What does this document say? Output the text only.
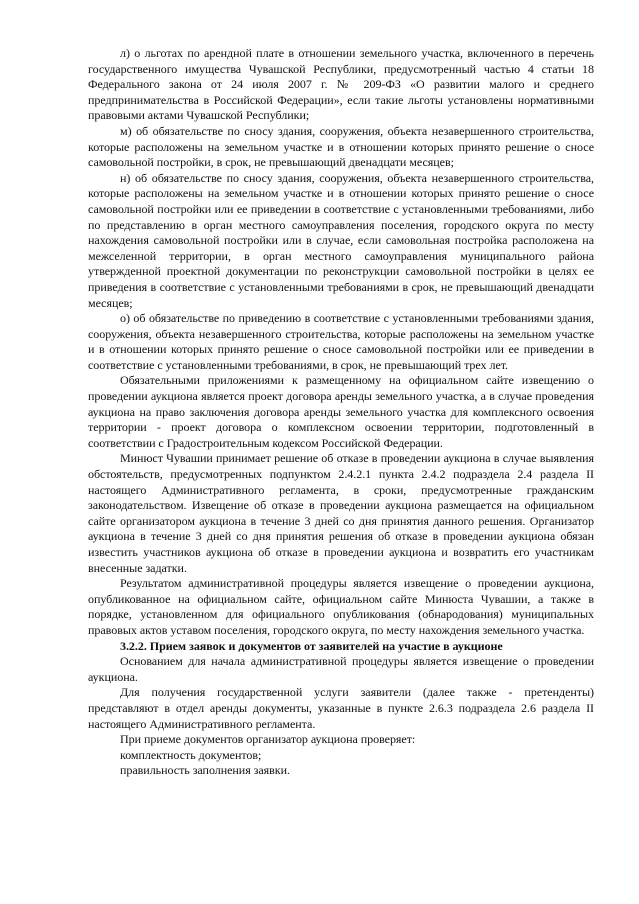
л) о льготах по арендной плате в отношении земельного участка, включенного в перечень государственного имущества Чувашской Республики, предусмотренный частью 4 статьи 18 Федерального закона от 24 июля 2007 г. № 209-ФЗ «О развитии малого и среднего предпринимательства в Российской Федерации», если такие льготы установлены нормативными правовыми актами Чувашской Республики;

м) об обязательстве по сносу здания, сооружения, объекта незавершенного строительства, которые расположены на земельном участке и в отношении которых принято решение о сносе самовольной постройки, в срок, не превышающий двенадцати месяцев;

н) об обязательстве по сносу здания, сооружения, объекта незавершенного строительства, которые расположены на земельном участке и в отношении которых принято решение о сносе самовольной постройки или ее приведении в соответствие с установленными требованиями, либо по представлению в орган местного самоуправления поселения, городского округа по месту нахождения самовольной постройки или в случае, если самовольная постройка расположена на межселенной территории, в орган местного самоуправления муниципального района утвержденной проектной документации по реконструкции самовольной постройки в целях ее приведения в соответствие с установленными требованиями в срок, не превышающий двенадцати месяцев;

о) об обязательстве по приведению в соответствие с установленными требованиями здания, сооружения, объекта незавершенного строительства, которые расположены на земельном участке и в отношении которых принято решение о сносе самовольной постройки или ее приведении в соответствие с установленными требованиями, в срок, не превышающий трех лет.

Обязательными приложениями к размещенному на официальном сайте извещению о проведении аукциона является проект договора аренды земельного участка, а в случае проведения аукциона на право заключения договора аренды земельного участка для комплексного освоения территории - проект договора о комплексном освоении территории, подготовленный в соответствии с Градостроительным кодексом Российской Федерации.

Минюст Чувашии принимает решение об отказе в проведении аукциона в случае выявления обстоятельств, предусмотренных подпунктом 2.4.2.1 пункта 2.4.2 подраздела 2.4 раздела II настоящего Административного регламента, в сроки, предусмотренные гражданским законодательством. Извещение об отказе в проведении аукциона размещается на официальном сайте организатором аукциона в течение 3 дней со дня принятия данного решения. Организатор аукциона в течение 3 дней со дня принятия решения об отказе в проведении аукциона обязан известить участников аукциона об отказе в проведении аукциона и возвратить его участникам внесенные задатки.

Результатом административной процедуры является извещение о проведении аукциона, опубликованное на официальном сайте, официальном сайте Минюста Чувашии, а также в порядке, установленном для официального опубликования (обнародования) муниципальных правовых актов уставом поселения, городского округа, по месту нахождения земельного участка.

3.2.2. Прием заявок и документов от заявителей на участие в аукционе

Основанием для начала административной процедуры является извещение о проведении аукциона.

Для получения государственной услуги заявители (далее также - претенденты) представляют в отдел аренды документы, указанные в пункте 2.6.3 подраздела 2.6 раздела II настоящего Административного регламента.

При приеме документов организатор аукциона проверяет:

комплектность документов;

правильность заполнения заявки.
